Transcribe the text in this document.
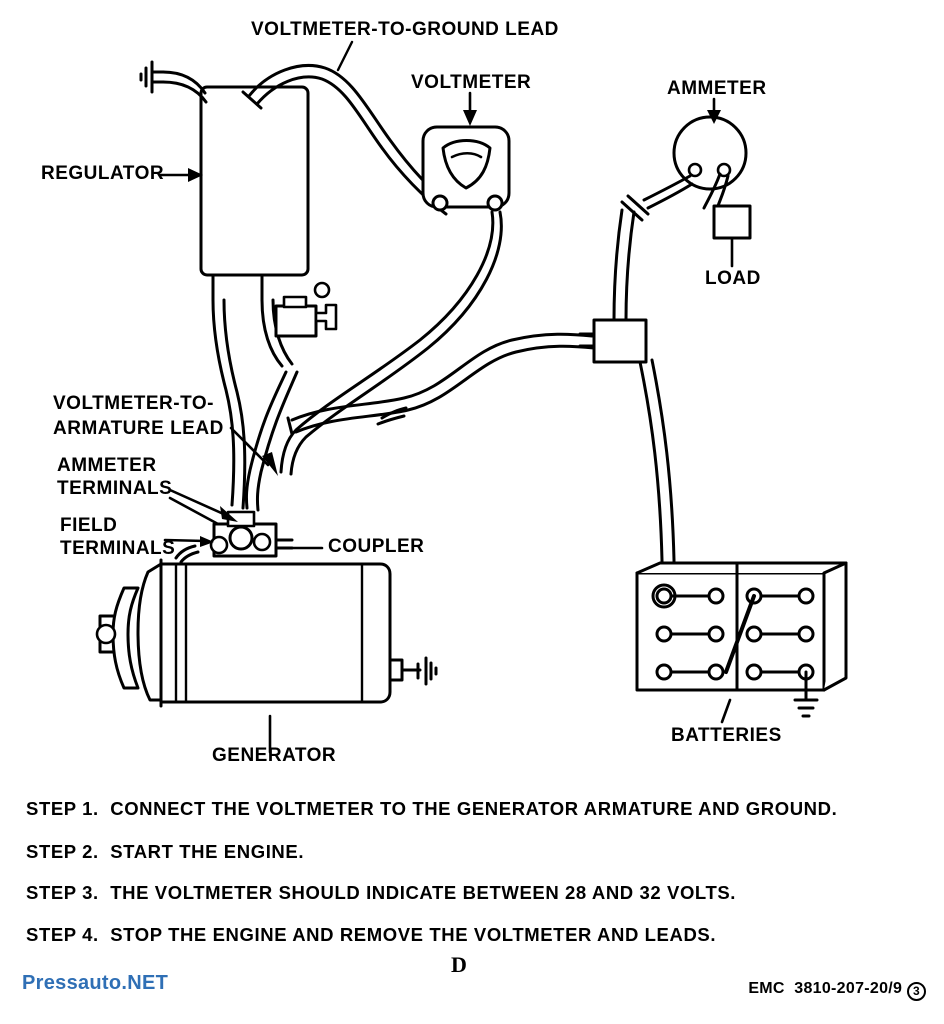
VOLTMETER-TO-GROUND LEAD
VOLTMETER	AMMETER
REGULATOR
LOAD
VOLTMETER-TO-
ARMATURE LEAD
AMMETER
TERMINALS
FIELD
TERMINALS	COUPLER
GENERATOR
BATTERIES
STEP 1.  CONNECT THE VOLTMETER TO THE GENERATOR ARMATURE AND GROUND.
STEP 2.  START THE ENGINE.
STEP 3.  THE VOLTMETER SHOULD INDICATE BETWEEN 28 AND 32 VOLTS.
STEP 4.  STOP THE ENGINE AND REMOVE THE VOLTMETER AND LEADS.
D
EMC  3810-207-20/9 3
Pressauto.NET
